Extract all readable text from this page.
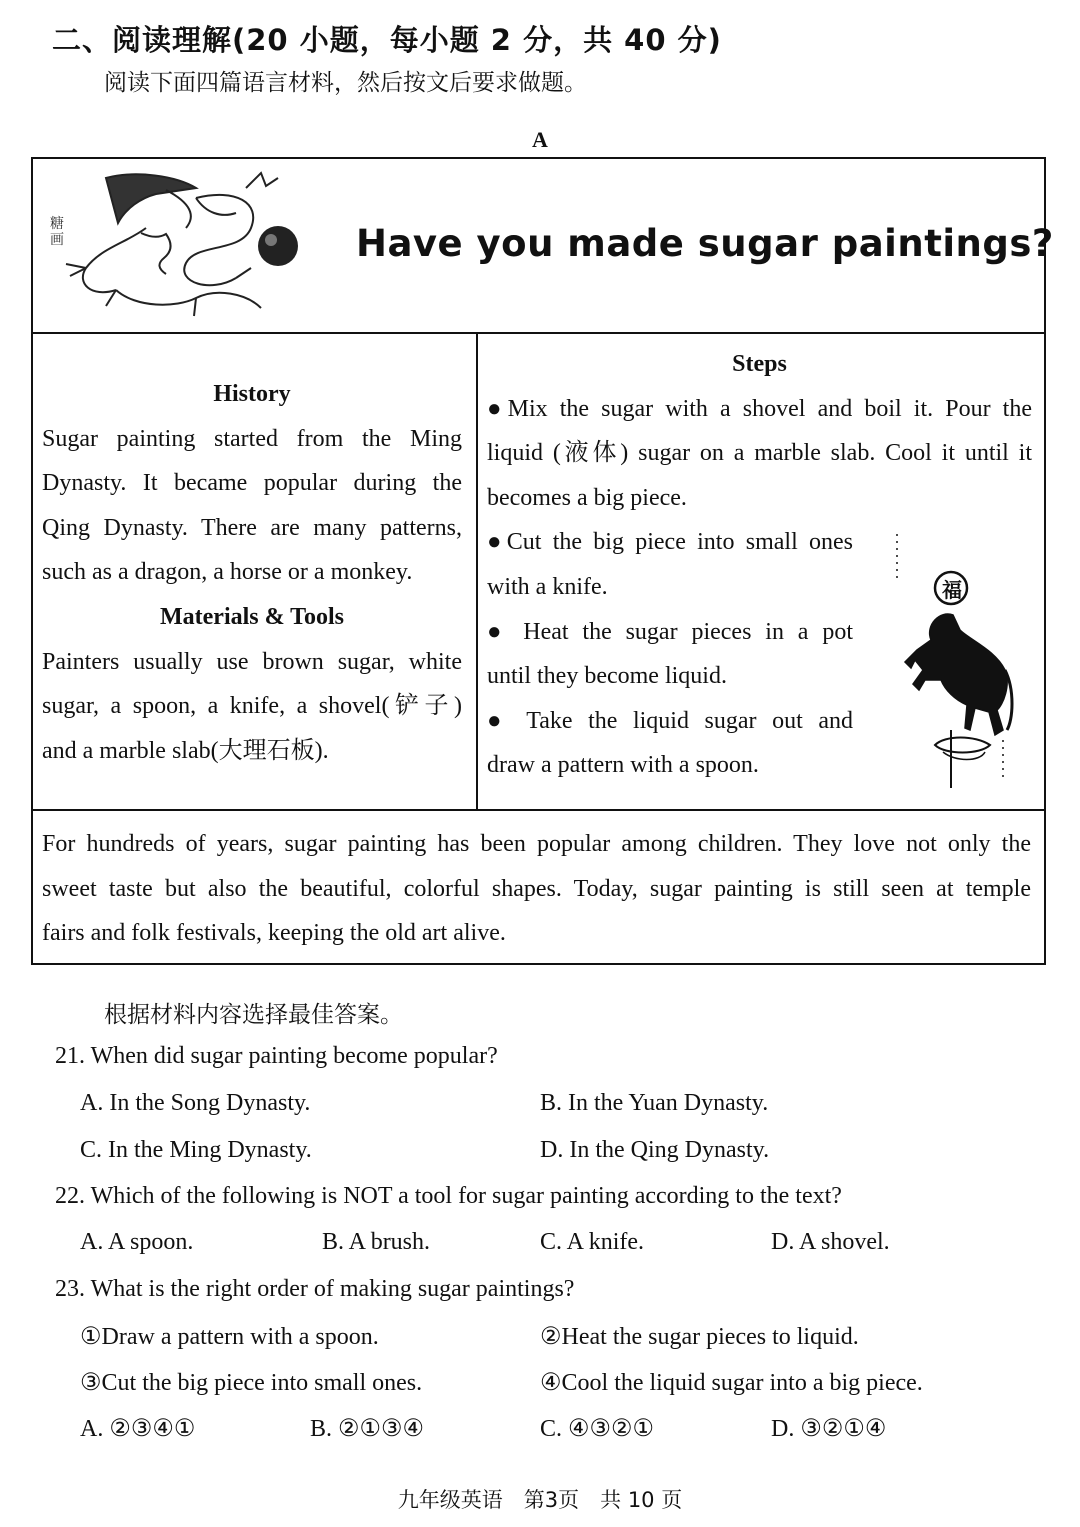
二、阅读理解(20 小题，每小题 2 分，共 40 分)
阅读下面四篇语言材料，然后按文后要求做题。
A
糖画	Have you made sugar paintings?
History
Sugar painting started from the Ming
Dynasty. It became popular during the
Qing Dynasty. There are many patterns,
such as a dragon, a horse or a monkey.
Materials & Tools
Painters usually use brown sugar, white
sugar, a spoon, a knife, a shovel(铲子)
and a marble slab(大理石板).
Steps
●Mix the sugar with a shovel and boil it. Pour the
liquid (液体) sugar on a marble slab. Cool it until it
becomes a big piece.
●Cut the big piece into small ones
with a knife.
● Heat the sugar pieces in a pot
until they become liquid.
● Take the liquid sugar out and
draw a pattern with a spoon.
福
For hundreds of years, sugar painting has been popular among children. They love not only the
sweet taste but also the beautiful, colorful shapes. Today, sugar painting is still seen at temple
fairs and folk festivals, keeping the old art alive.
根据材料内容选择最佳答案。
21. When did sugar painting become popular?
A. In the Song Dynasty.	B. In the Yuan Dynasty.
C. In the Ming Dynasty.	D. In the Qing Dynasty.
22. Which of the following is NOT a tool for sugar painting according to the text?
A. A spoon.	B. A brush.	C. A knife.	D. A shovel.
23. What is the right order of making sugar paintings?
①Draw a pattern with a spoon.	②Heat the sugar pieces to liquid.
③Cut the big piece into small ones.	④Cool the liquid sugar into a big piece.
A. ②③④①	B. ②①③④	C. ④③②①	D. ③②①④
九年级英语　第3页　共 10 页
